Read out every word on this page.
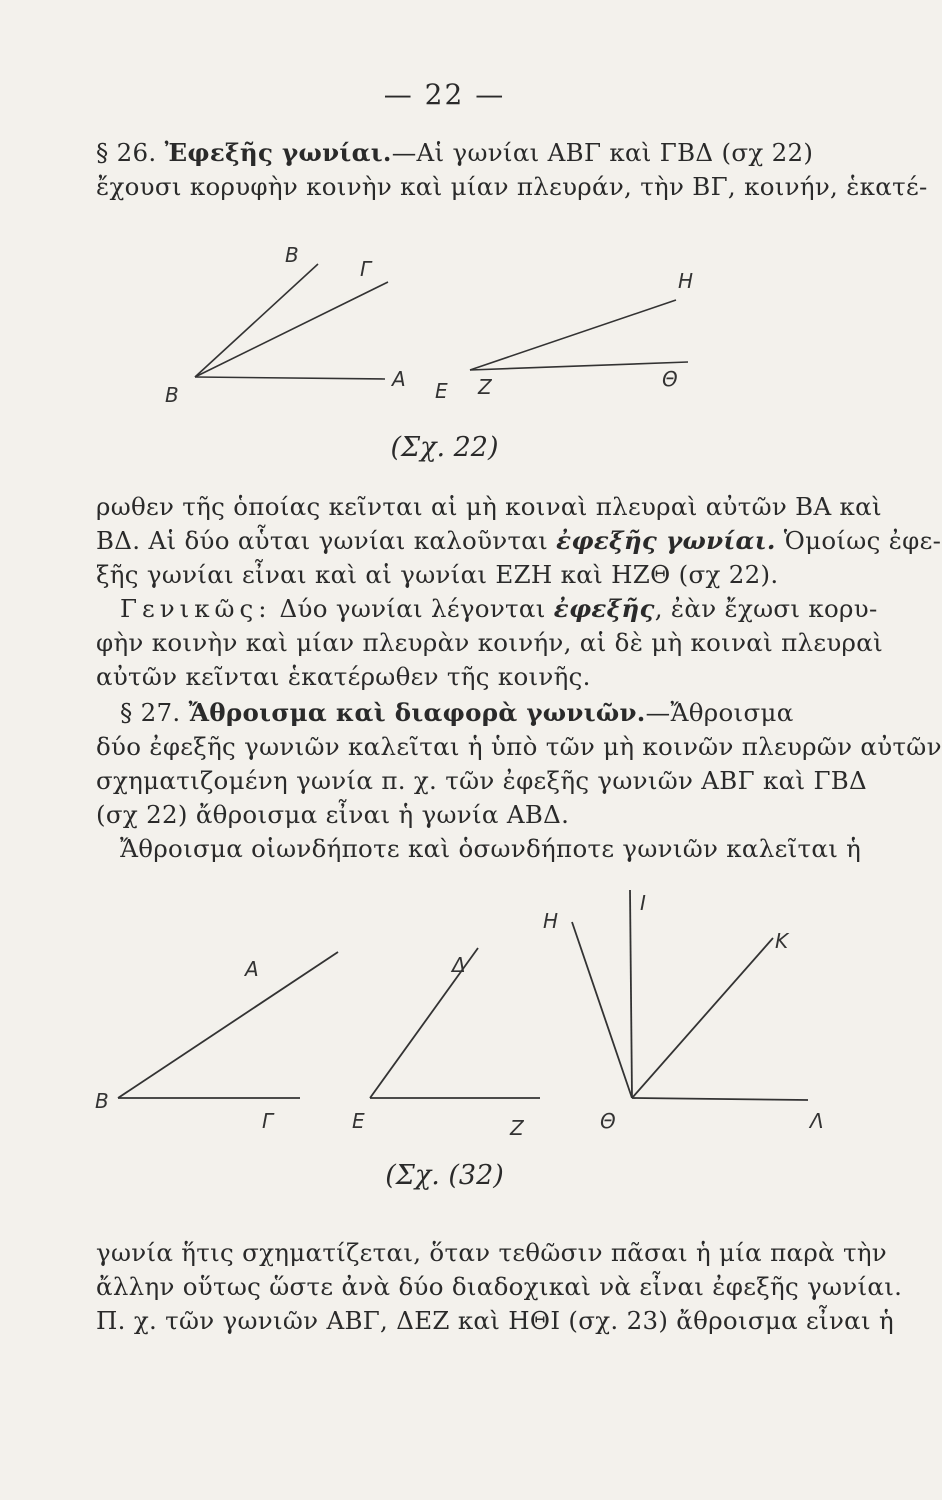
— 22 —
§ 26. Ἐφεξῆς γωνίαι.—Αἱ γωνίαι ΑΒΓ καὶ ΓΒΔ (σχ 22)
ἔχουσι κορυφὴν κοινὴν καὶ μίαν πλευράν, τὴν ΒΓ, κοινήν, ἑκατέ-
Β
Γ
Β
Α Ε Ζ
Η
Θ
(Σχ. 22)
ρωθεν τῆς ὁποίας κεῖνται αἱ μὴ κοιναὶ πλευραὶ αὐτῶν ΒΑ καὶ
ΒΔ. Αἱ δύο αὗται γωνίαι καλοῦνται ἐφεξῆς γωνίαι. Ὁμοίως ἐφε-
ξῆς γωνίαι εἶναι καὶ αἱ γωνίαι ΕΖΗ καὶ ΗΖΘ (σχ 22).
Γενικῶς: Δύο γωνίαι λέγονται ἐφεξῆς, ἐὰν ἔχωσι κορυ-
φὴν κοινὴν καὶ μίαν πλευρὰν κοινήν, αἱ δὲ μὴ κοιναὶ πλευραὶ
αὐτῶν κεῖνται ἑκατέρωθεν τῆς κοινῆς.
§ 27. Ἄθροισμα καὶ διαφορὰ γωνιῶν.—Ἄθροισμα
δύο ἐφεξῆς γωνιῶν καλεῖται ἡ ὑπὸ τῶν μὴ κοινῶν πλευρῶν αὐτῶν
σχηματιζομένη γωνία π. χ. τῶν ἐφεξῆς γωνιῶν ΑΒΓ καὶ ΓΒΔ
(σχ 22) ἄθροισμα εἶναι ἡ γωνία ΑΒΔ.
Ἄθροισμα οἱωνδήποτε καὶ ὁσωνδήποτε γωνιῶν καλεῖται ἡ
Α
Β
Γ
Δ
Ε	Ζ
Η
Ι
Κ
Θ	Λ
(Σχ. (32)
γωνία ἥτις σχηματίζεται, ὅταν τεθῶσιν πᾶσαι ἡ μία παρὰ τὴν
ἄλλην οὕτως ὥστε ἀνὰ δύο διαδοχικαὶ νὰ εἶναι ἐφεξῆς γωνίαι.
Π. χ. τῶν γωνιῶν ΑΒΓ, ΔΕΖ καὶ ΗΘΙ (σχ. 23) ἄθροισμα εἶναι ἡ
